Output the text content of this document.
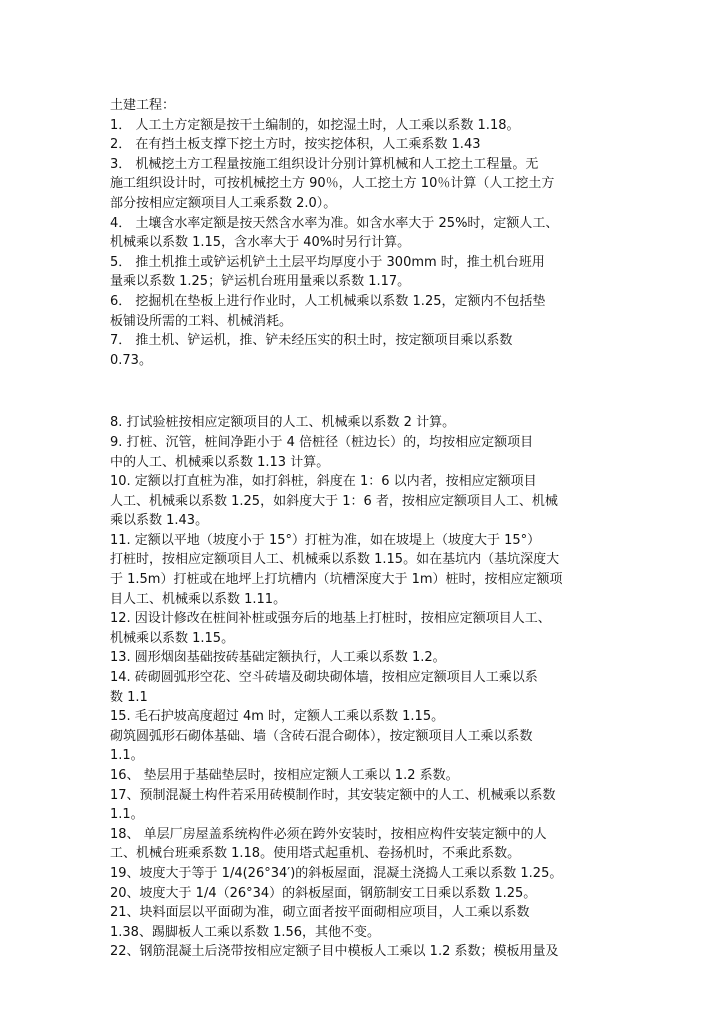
土建工程：
1． 人工土方定额是按干土编制的，如挖湿土时，人工乘以系数 1.18。
2． 在有挡土板支撑下挖土方时，按实挖体积，人工乘系数 1.43
3． 机械挖土方工程量按施工组织设计分别计算机械和人工挖土工程量。无
施工组织设计时，可按机械挖土方 90％，人工挖土方 10％计算（人工挖土方
部分按相应定额项目人工乘系数 2.0）。
4． 土壤含水率定额是按天然含水率为准。如含水率大于 25%时，定额人工、
机械乘以系数 1.15，含水率大于 40%时另行计算。
5． 推土机推土或铲运机铲土土层平均厚度小于 300mm 时，推土机台班用
量乘以系数 1.25；铲运机台班用量乘以系数 1.17。
6． 挖掘机在垫板上进行作业时，人工机械乘以系数 1.25，定额内不包括垫
板铺设所需的工料、机械消耗。
7． 推土机、铲运机，推、铲未经压实的积土时，按定额项目乘以系数
0.73。
8. 打试验桩按相应定额项目的人工、机械乘以系数 2 计算。
9. 打桩、沉管，桩间净距小于 4 倍桩径（桩边长）的，均按相应定额项目
中的人工、机械乘以系数 1.13 计算。
10. 定额以打直桩为准，如打斜桩，斜度在 1：6 以内者，按相应定额项目
人工、机械乘以系数 1.25，如斜度大于 1：6 者，按相应定额项目人工、机械
乘以系数 1.43。
11. 定额以平地（坡度小于 15°）打桩为准，如在坡堤上（坡度大于 15°）
打桩时，按相应定额项目人工、机械乘以系数 1.15。如在基坑内（基坑深度大
于 1.5m）打桩或在地坪上打坑槽内（坑槽深度大于 1m）桩时，按相应定额项
目人工、机械乘以系数 1.11。
12. 因设计修改在桩间补桩或强夯后的地基上打桩时，按相应定额项目人工、
机械乘以系数 1.15。
13. 圆形烟囱基础按砖基础定额执行，人工乘以系数 1.2。
14. 砖砌圆弧形空花、空斗砖墙及砌块砌体墙，按相应定额项目人工乘以系
数 1.1
15. 毛石护坡高度超过 4m 时，定额人工乘以系数 1.15。
砌筑圆弧形石砌体基础、墙（含砖石混合砌体），按定额项目人工乘以系数
1.1。
16、 垫层用于基础垫层时，按相应定额人工乘以 1.2 系数。
17、预制混凝土构件若采用砖模制作时，其安装定额中的人工、机械乘以系数
1.1。
18、 单层厂房屋盖系统构件必须在跨外安装时，按相应构件安装定额中的人
工、机械台班乘系数 1.18。使用塔式起重机、卷扬机时，不乘此系数。
19、坡度大于等于 1/4(26°34′)的斜板屋面，混凝土浇捣人工乘以系数 1.25。
20、坡度大于 1/4（26°34）的斜板屋面，钢筋制安工日乘以系数 1.25。
21、块料面层以平面砌为准，砌立面者按平面砌相应项目，人工乘以系数
1.38、踢脚板人工乘以系数 1.56，其他不变。
22、钢筋混凝土后浇带按相应定额子目中模板人工乘以 1.2 系数；模板用量及
